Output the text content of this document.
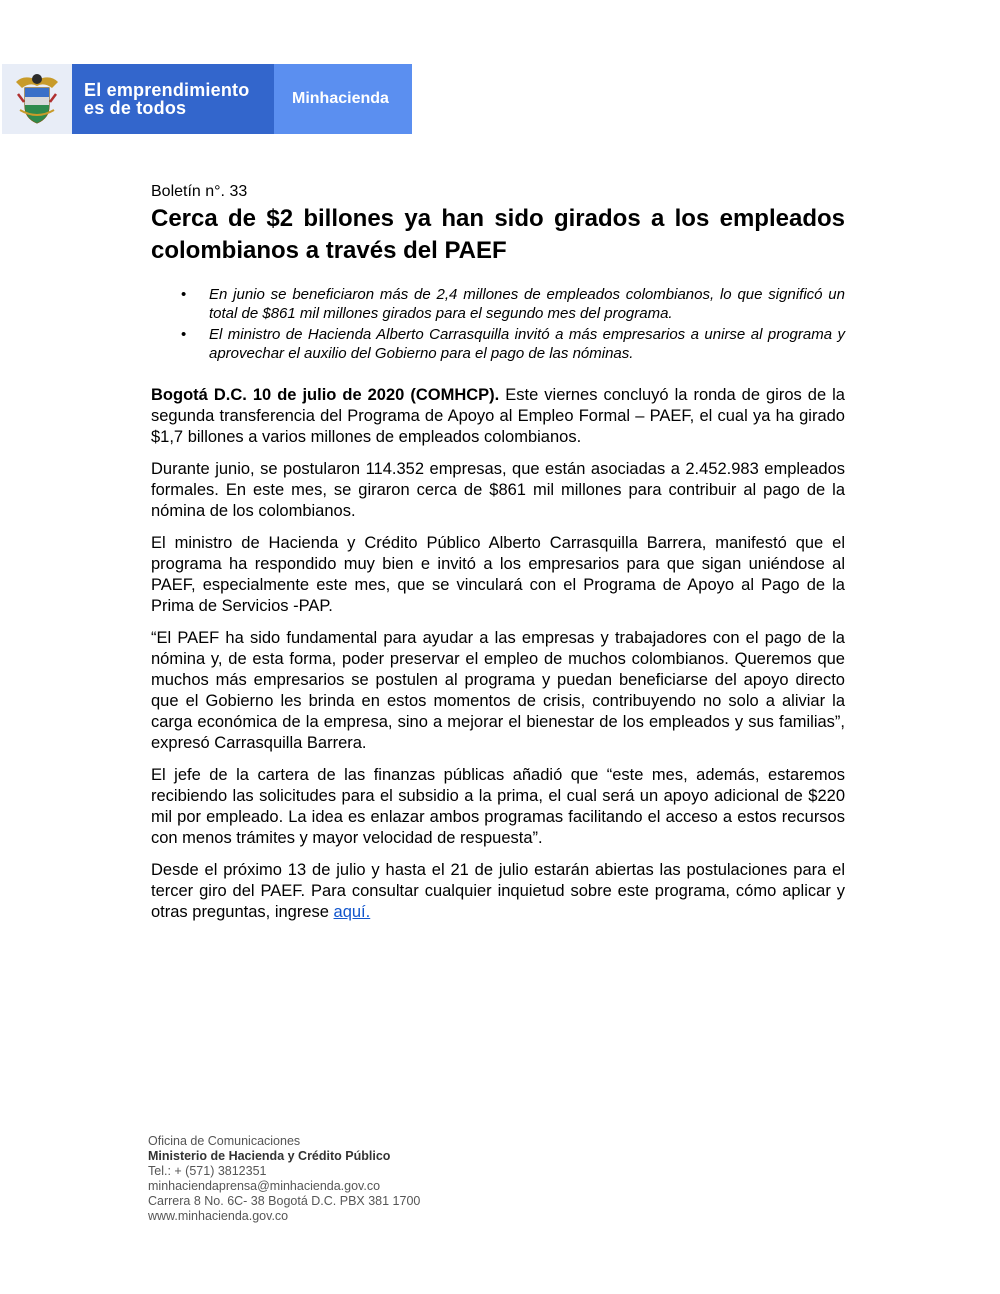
El emprendimiento
es de todos	Minhacienda

Boletín n°. 33

Cerca de $2 billones ya han sido girados a los empleados colombianos a través del PAEF
• En junio se beneficiaron más de 2,4 millones de empleados colombianos, lo que significó un total de $861 mil millones girados para el segundo mes del programa.
• El ministro de Hacienda Alberto Carrasquilla invitó a más empresarios a unirse al programa y aprovechar el auxilio del Gobierno para el pago de las nóminas.

Bogotá D.C. 10 de julio de 2020 (COMHCP). Este viernes concluyó la ronda de giros de la segunda transferencia del Programa de Apoyo al Empleo Formal – PAEF, el cual ya ha girado $1,7 billones a varios millones de empleados colombianos.

Durante junio, se postularon 114.352 empresas, que están asociadas a 2.452.983 empleados formales. En este mes, se giraron cerca de $861 mil millones para contribuir al pago de la nómina de los colombianos.

El ministro de Hacienda y Crédito Público Alberto Carrasquilla Barrera, manifestó que el programa ha respondido muy bien e invitó a los empresarios para que sigan uniéndose al PAEF, especialmente este mes, que se vinculará con el Programa de Apoyo al Pago de la Prima de Servicios -PAP.

“El PAEF ha sido fundamental para ayudar a las empresas y trabajadores con el pago de la nómina y, de esta forma, poder preservar el empleo de muchos colombianos. Queremos que muchos más empresarios se postulen al programa y puedan beneficiarse del apoyo directo que el Gobierno les brinda en estos momentos de crisis, contribuyendo no solo a aliviar la carga económica de la empresa, sino a mejorar el bienestar de los empleados y sus familias”, expresó Carrasquilla Barrera.

El jefe de la cartera de las finanzas públicas añadió que “este mes, además, estaremos recibiendo las solicitudes para el subsidio a la prima, el cual será un apoyo adicional de $220 mil por empleado. La idea es enlazar ambos programas facilitando el acceso a estos recursos con menos trámites y mayor velocidad de respuesta”.

Desde el próximo 13 de julio y hasta el 21 de julio estarán abiertas las postulaciones para el tercer giro del PAEF. Para consultar cualquier inquietud sobre este programa, cómo aplicar y otras preguntas, ingrese aquí.

Oficina de Comunicaciones
Ministerio de Hacienda y Crédito Público
Tel.: + (571) 3812351
minhaciendaprensa@minhacienda.gov.co
Carrera 8 No. 6C- 38 Bogotá D.C. PBX 381 1700
www.minhacienda.gov.co
